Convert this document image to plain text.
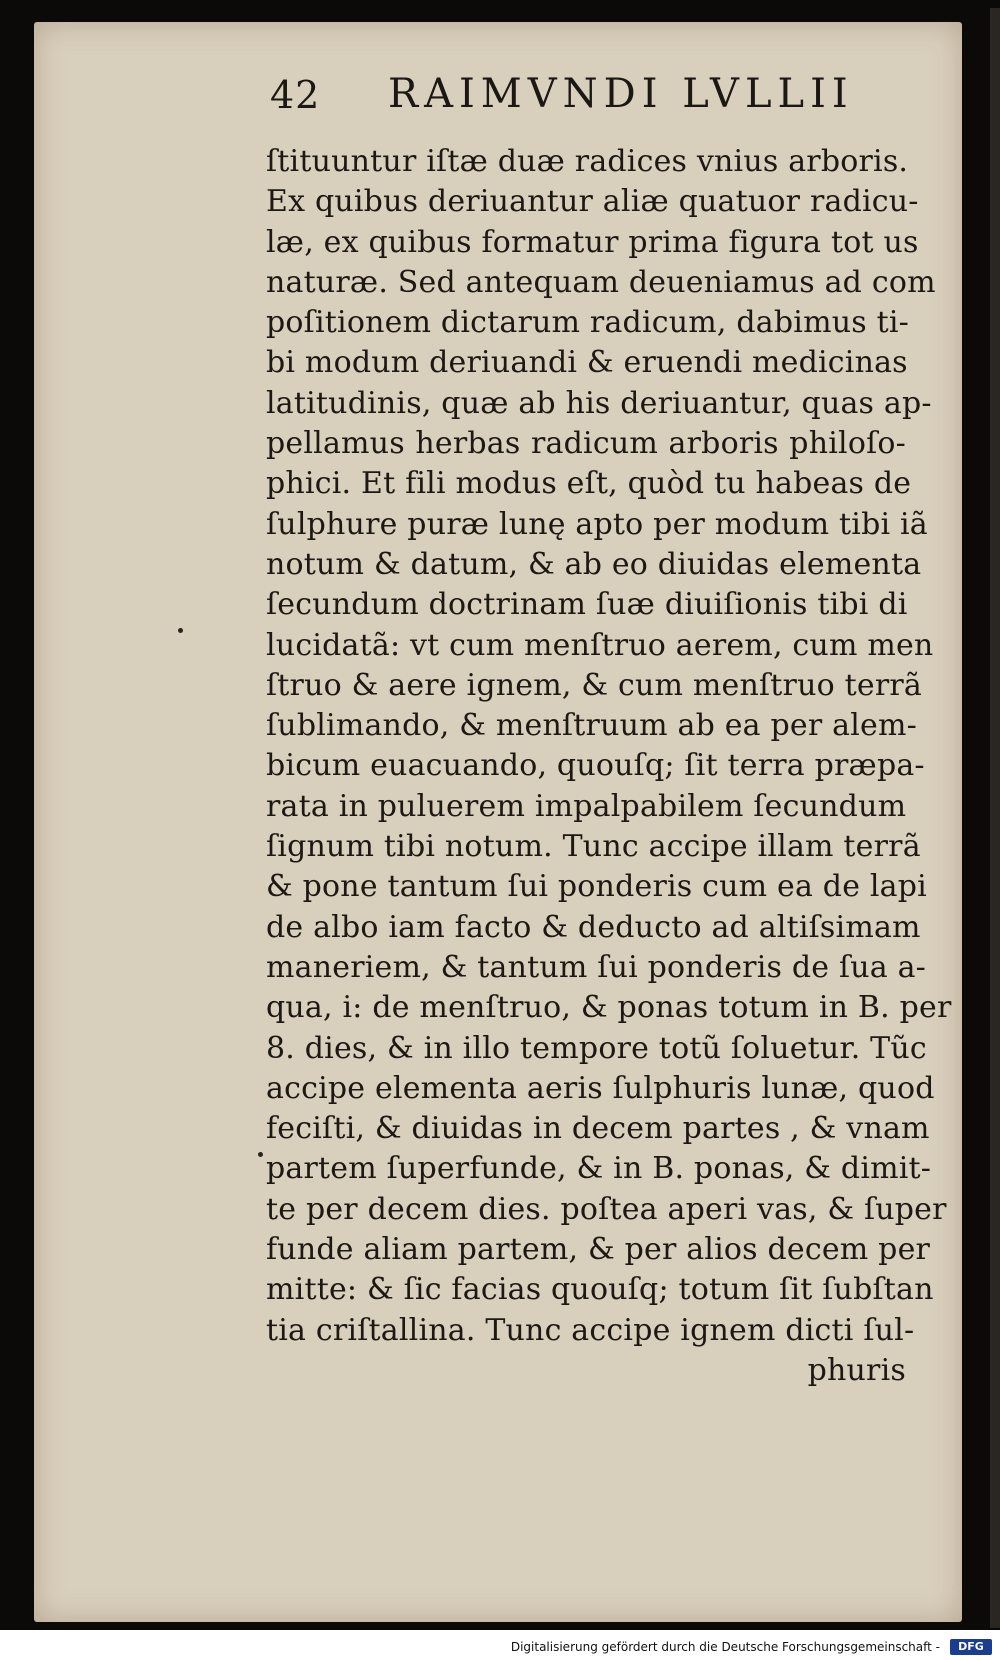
42 RAIMVNDI LVLLII
ſtituuntur iſtæ duæ radices vnius arboris.
Ex quibus deriuantur aliæ quatuor radicu-
læ, ex quibus formatur prima figura tot us
naturæ. Sed antequam deueniamus ad com
poſitionem dictarum radicum, dabimus ti-
bi modum deriuandi & eruendi medicinas
latitudinis, quæ ab his deriuantur, quas ap-
pellamus herbas radicum arboris philoſo-
phici. Et fili modus eſt, quòd tu habeas de
ſulphure puræ lunę apto per modum tibi iã
notum & datum, & ab eo diuidas elementa
ſecundum doctrinam ſuæ diuiſionis tibi di
lucidatã: vt cum menſtruo aerem, cum men
ſtruo & aere ignem, & cum menſtruo terrã
ſublimando, & menſtruum ab ea per alem-
bicum euacuando, quouſq; ſit terra præpa-
rata in puluerem impalpabilem ſecundum
ſignum tibi notum. Tunc accipe illam terrã
& pone tantum ſui ponderis cum ea de lapi
de albo iam facto & deducto ad altiſsimam
maneriem, & tantum ſui ponderis de ſua a-
qua, i: de menſtruo, & ponas totum in B. per
8. dies, & in illo tempore totũ ſoluetur. Tũc
accipe elementa aeris ſulphuris lunæ, quod
feciſti, & diuidas in decem partes , & vnam
partem ſuperfunde, & in B. ponas, & dimit-
te per decem dies. poſtea aperi vas, & ſuper
funde aliam partem, & per alios decem per
mitte: & ſic facias quouſq; totum ſit ſubſtan
tia criſtallina. Tunc accipe ignem dicti ſul-
phuris
Digitalisierung gefördert durch die Deutsche Forschungsgemeinschaft -	DFG
